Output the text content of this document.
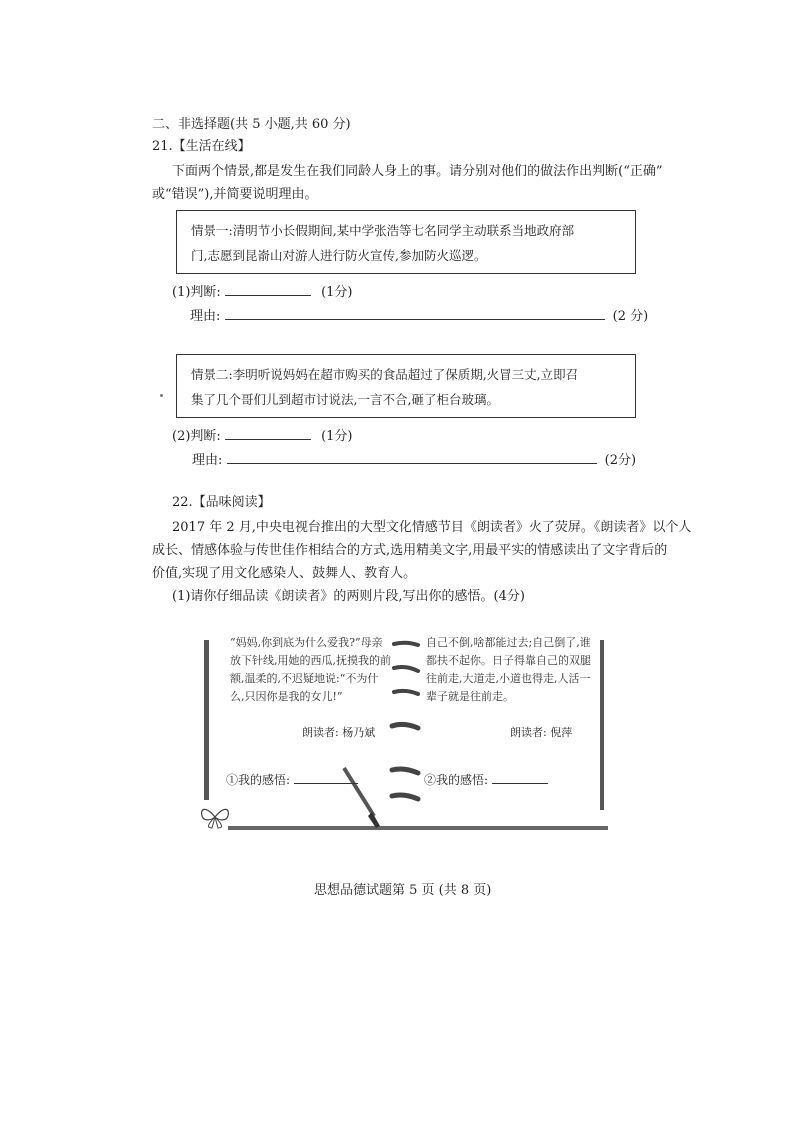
二、非选择题(共 5 小题,共 60 分)
21.【生活在线】
下面两个情景,都是发生在我们同龄人身上的事。请分别对他们的做法作出判断(“正确”
或“错误”),并简要说明理由。
情景一:清明节小长假期间,某中学张浩等七名同学主动联系当地政府部
门,志愿到昆嵛山对游人进行防火宣传,参加防火巡逻。
(1)判断:	(1分)
理由:	(2 分)
情景二:李明听说妈妈在超市购买的食品超过了保质期,火冒三丈,立即召
集了几个哥们儿到超市讨说法,一言不合,砸了柜台玻璃。
(2)判断:	(1分)
理由:	(2分)
22.【品味阅读】
2017 年 2 月,中央电视台推出的大型文化情感节目《朗读者》火了荧屏。《朗读者》以个人
成长、情感体验与传世佳作相结合的方式,选用精美文字,用最平实的情感读出了文字背后的
价值,实现了用文化感染人、鼓舞人、教育人。
(1)请你仔细品读《朗读者》的两则片段,写出你的感悟。(4分)
“妈妈,你到底为什么爱我?”母亲放下针线,用她的西瓜,抚摸我的前额,温柔的,不迟疑地说:“不为什么,只因你是我的女儿!”
自己不倒,啥都能过去;自己倒了,谁都扶不起你。日子得靠自己的双腿往前走,大道走,小道也得走,人活一辈子就是往前走。
朗读者: 杨乃斌	朗读者: 倪萍
①我的感悟:	②我的感悟:
思想品德试题第 5 页 (共 8 页)
